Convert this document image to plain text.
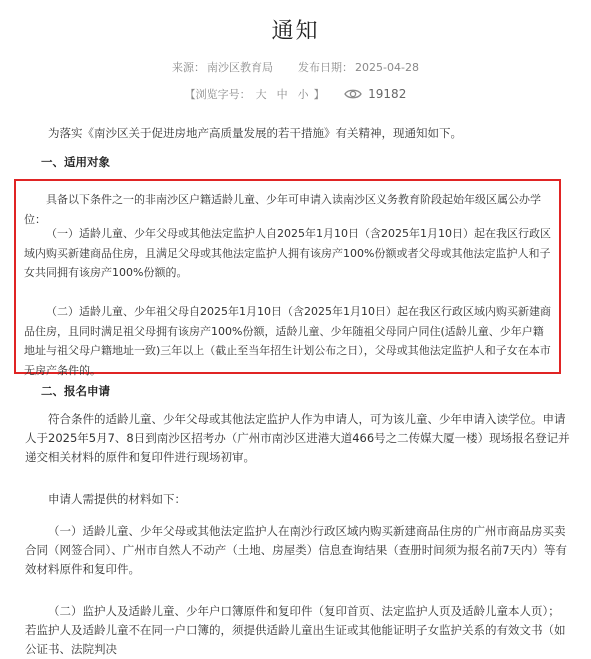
通知
来源： 南沙区教育局 发布日期： 2025-04-28
【浏览字号： 大 中 小 】	19182
为落实《南沙区关于促进房地产高质量发展的若干措施》有关精神，现通知如下。
一、适用对象
具备以下条件之一的非南沙区户籍适龄儿童、少年可申请入读南沙区义务教育阶段起始年级区属公办学位：
（一）适龄儿童、少年父母或其他法定监护人自2025年1月10日（含2025年1月10日）起在我区行政区域内购买新建商品住房，且满足父母或其他法定监护人拥有该房产100%份额或者父母或其他法定监护人和子女共同拥有该房产100%份额的。
（二）适龄儿童、少年祖父母自2025年1月10日（含2025年1月10日）起在我区行政区域内购买新建商品住房，且同时满足祖父母拥有该房产100%份额，适龄儿童、少年随祖父母同户同住(适龄儿童、少年户籍地址与祖父母户籍地址一致)三年以上（截止至当年招生计划公布之日），父母或其他法定监护人和子女在本市无房产条件的。
二、报名申请
符合条件的适龄儿童、少年父母或其他法定监护人作为申请人，可为该儿童、少年申请入读学位。申请人于2025年5月7、8日到南沙区招考办（广州市南沙区进港大道466号之二传媒大厦一楼）现场报名登记并递交相关材料的原件和复印件进行现场初审。
申请人需提供的材料如下：
（一）适龄儿童、少年父母或其他法定监护人在南沙行政区域内购买新建商品住房的广州市商品房买卖合同（网签合同）、广州市自然人不动产（土地、房屋类）信息查询结果（查册时间须为报名前7天内）等有效材料原件和复印件。
（二）监护人及适龄儿童、少年户口簿原件和复印件（复印首页、法定监护人页及适龄儿童本人页）；若监护人及适龄儿童不在同一户口簿的，须提供适龄儿童出生证或其他能证明子女监护关系的有效文书（如公证书、法院判决
